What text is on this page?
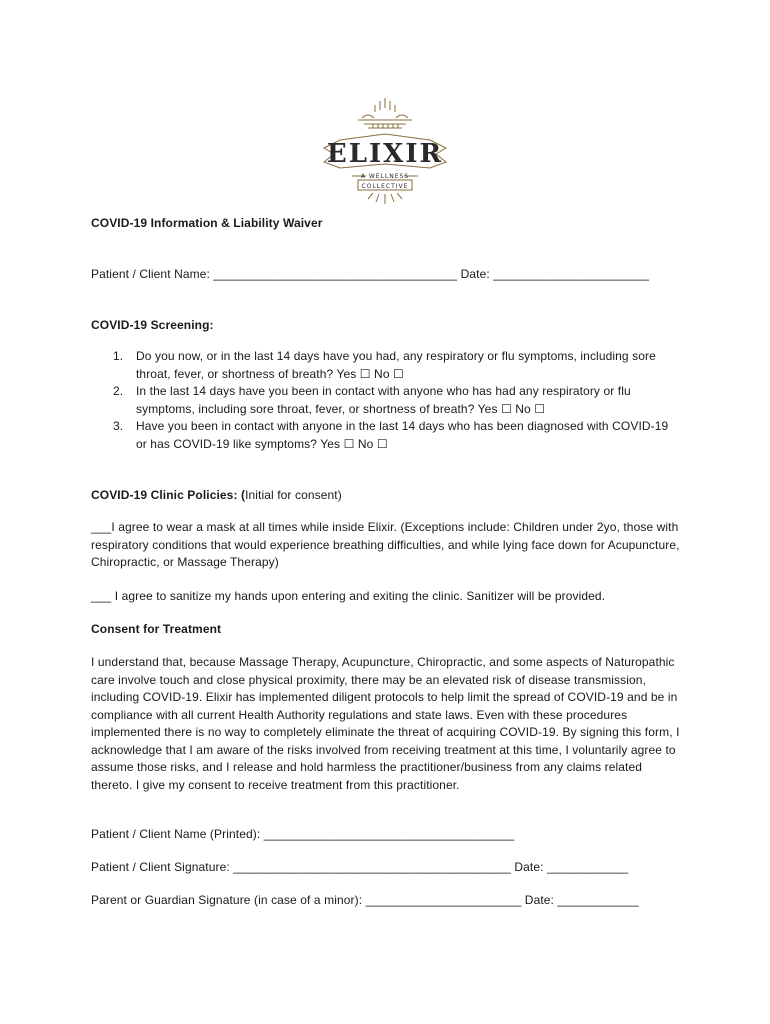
ELIXIR
A WELLNESS
COLLECTIVE
COVID-19 Information & Liability Waiver
Patient / Client Name: ____________________________________ Date: _______________________
COVID-19 Screening:
1. Do you now, or in the last 14 days have you had, any respiratory or flu symptoms, including sore throat, fever, or shortness of breath? Yes ☐ No ☐
2. In the last 14 days have you been in contact with anyone who has had any respiratory or flu symptoms, including sore throat, fever, or shortness of breath? Yes ☐ No ☐
3. Have you been in contact with anyone in the last 14 days who has been diagnosed with COVID-19 or has COVID-19 like symptoms? Yes ☐ No ☐
COVID-19 Clinic Policies: (Initial for consent)
___I agree to wear a mask at all times while inside Elixir. (Exceptions include: Children under 2yo, those with respiratory conditions that would experience breathing difficulties, and while lying face down for Acupuncture, Chiropractic, or Massage Therapy)
___ I agree to sanitize my hands upon entering and exiting the clinic. Sanitizer will be provided.
Consent for Treatment
I understand that, because Massage Therapy, Acupuncture, Chiropractic, and some aspects of Naturopathic care involve touch and close physical proximity, there may be an elevated risk of disease transmission, including COVID-19. Elixir has implemented diligent protocols to help limit the spread of COVID-19 and be in compliance with all current Health Authority regulations and state laws. Even with these procedures implemented there is no way to completely eliminate the threat of acquiring COVID-19. By signing this form, I acknowledge that I am aware of the risks involved from receiving treatment at this time, I voluntarily agree to assume those risks, and I release and hold harmless the practitioner/business from any claims related thereto. I give my consent to receive treatment from this practitioner.
Patient / Client Name (Printed): _____________________________________
Patient / Client Signature: _________________________________________ Date: ____________
Parent or Guardian Signature (in case of a minor): _______________________ Date: ____________
